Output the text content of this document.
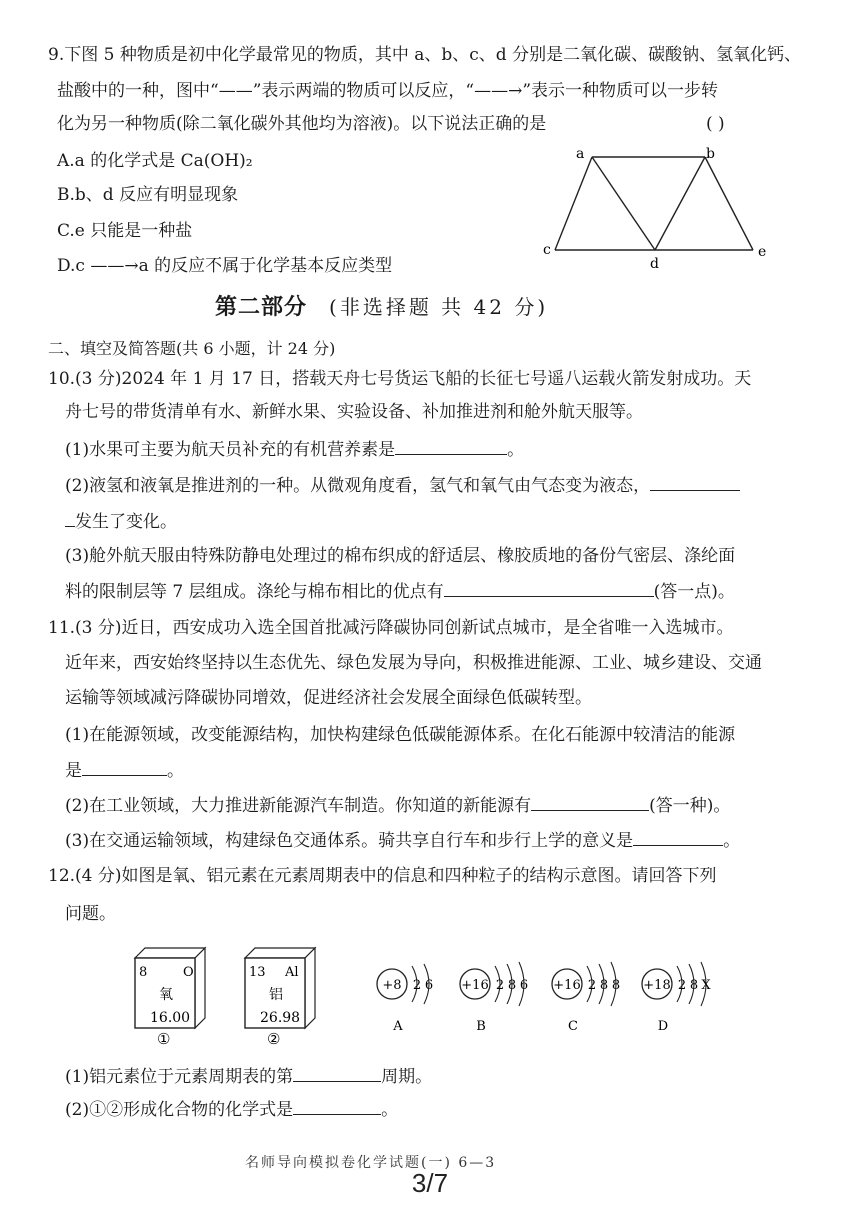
9.下图 5 种物质是初中化学最常见的物质，其中 a、b、c、d 分别是二氧化碳、碳酸钠、氢氧化钙、
盐酸中的一种，图中“——”表示两端的物质可以反应，“——→”表示一种物质可以一步转
化为另一种物质(除二氧化碳外其他均为溶液)。以下说法正确的是	( )
A.a 的化学式是 Ca(OH)₂
B.b、d 反应有明显现象
C.e 只能是一种盐
D.c ——→a 的反应不属于化学基本反应类型
a	b
c
d
e
第二部分 (非选择题 共 42 分)
二、填空及简答题(共 6 小题，计 24 分)
10.(3 分)2024 年 1 月 17 日，搭载天舟七号货运飞船的长征七号遥八运载火箭发射成功。天
舟七号的带货清单有水、新鲜水果、实验设备、补加推进剂和舱外航天服等。
(1)水果可主要为航天员补充的有机营养素是	。
(2)液氢和液氧是推进剂的一种。从微观角度看，氢气和氧气由气态变为液态，
发生了变化。
(3)舱外航天服由特殊防静电处理过的棉布织成的舒适层、橡胶质地的备份气密层、涤纶面
料的限制层等 7 层组成。涤纶与棉布相比的优点有	(答一点)。
11.(3 分)近日，西安成功入选全国首批减污降碳协同创新试点城市，是全省唯一入选城市。
近年来，西安始终坚持以生态优先、绿色发展为导向，积极推进能源、工业、城乡建设、交通
运输等领域减污降碳协同增效，促进经济社会发展全面绿色低碳转型。
(1)在能源领域，改变能源结构，加快构建绿色低碳能源体系。在化石能源中较清洁的能源
是	。
(2)在工业领域，大力推进新能源汽车制造。你知道的新能源有	(答一种)。
(3)在交通运输领域，构建绿色交通体系。骑共享自行车和步行上学的意义是	。
12.(4 分)如图是氧、铝元素在元素周期表中的信息和四种粒子的结构示意图。请回答下列
问题。
8	O
氧
16.00
①
13 Al
铝
26.98
②
+8 2 6
A
+16 2 8 6
B
+16 2 8 8
C
+18 2 8 X
D
(1)铝元素位于元素周期表的第	周期。
(2)①②形成化合物的化学式是	。
名师导向模拟卷化学试题(一) 6—3
3/7
